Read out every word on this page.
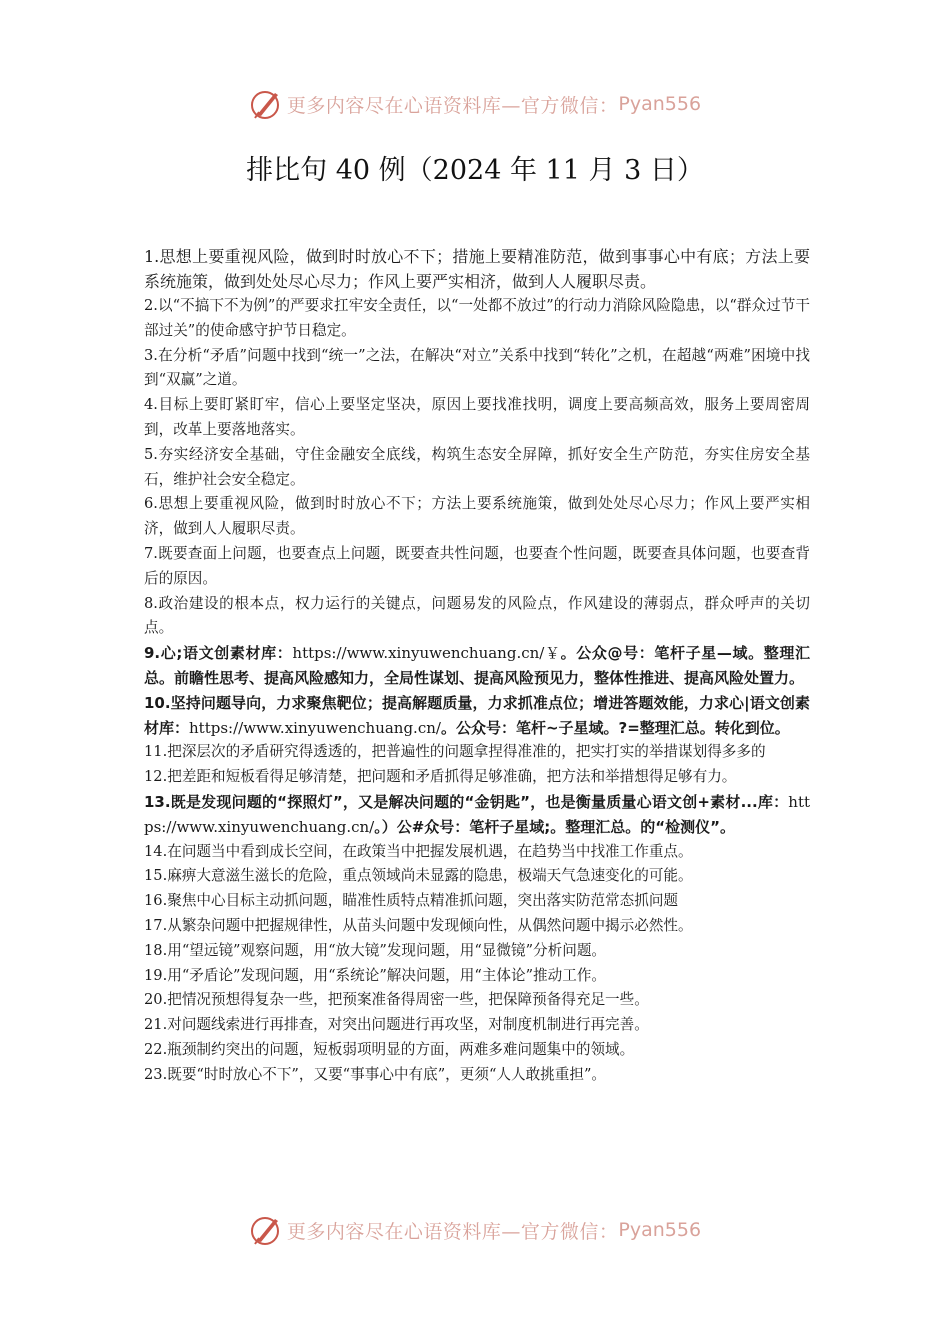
更多内容尽在心语资料库—官方微信： Pyan556
排比句 40 例（2024 年 11 月 3 日）

1.思想上要重视风险，做到时时放心不下；措施上要精准防范，做到事事心中有底；方法上要系统施策，做到处处尽心尽力；作风上要严实相济，做到人人履职尽责。

2.以“不搞下不为例”的严要求扛牢安全责任，以“一处都不放过”的行动力消除风险隐患，以“群众过节干部过关”的使命感守护节日稳定。

3.在分析“矛盾”问题中找到“统一”之法，在解决“对立”关系中找到“转化”之机，在超越“两难”困境中找到“双赢”之道。

4.目标上要盯紧盯牢，信心上要坚定坚决，原因上要找准找明，调度上要高频高效，服务上要周密周到，改革上要落地落实。

5.夯实经济安全基础，守住金融安全底线，构筑生态安全屏障，抓好安全生产防范，夯实住房安全基石，维护社会安全稳定。

6.思想上要重视风险，做到时时放心不下；方法上要系统施策，做到处处尽心尽力；作风上要严实相济，做到人人履职尽责。

7.既要查面上问题，也要查点上问题，既要查共性问题，也要查个性问题，既要查具体问题，也要查背后的原因。

8.政治建设的根本点，权力运行的关键点，问题易发的风险点，作风建设的薄弱点，群众呼声的关切点。

9.心;语文创素材库：https://www.xinyuwenchuang.cn/￥。公众@号：笔杆子星—域。整理汇总。前瞻性思考、提高风险感知力，全局性谋划、提高风险预见力，整体性推进、提高风险处置力。

10.坚持问题导向，力求聚焦靶位；提高解题质量，力求抓准点位；增进答题效能，力求心|语文创素材库：https://www.xinyuwenchuang.cn/。公众号：笔杆~子星域。?=整理汇总。转化到位。

11.把深层次的矛盾研究得透透的，把普遍性的问题拿捏得准准的，把实打实的举措谋划得多多的

12.把差距和短板看得足够清楚，把问题和矛盾抓得足够准确，把方法和举措想得足够有力。

13.既是发现问题的“探照灯”，又是解决问题的“金钥匙”，也是衡量质量心语文创+素材...库：https://www.xinyuwenchuang.cn/。）公#众号：笔杆子星域;。整理汇总。的“检测仪”。

14.在问题当中看到成长空间，在政策当中把握发展机遇，在趋势当中找准工作重点。

15.麻痹大意滋生滋长的危险，重点领域尚未显露的隐患，极端天气急速变化的可能。

16.聚焦中心目标主动抓问题，瞄准性质特点精准抓问题，突出落实防范常态抓问题

17.从繁杂问题中把握规律性，从苗头问题中发现倾向性，从偶然问题中揭示必然性。

18.用“望远镜”观察问题，用“放大镜”发现问题，用“显微镜”分析问题。

19.用“矛盾论”发现问题，用“系统论”解决问题，用“主体论”推动工作。

20.把情况预想得复杂一些，把预案准备得周密一些，把保障预备得充足一些。

21.对问题线索进行再排查，对突出问题进行再攻坚，对制度机制进行再完善。

22.瓶颈制约突出的问题，短板弱项明显的方面，两难多难问题集中的领域。

23.既要“时时放心不下”，又要“事事心中有底”，更须“人人敢挑重担”。

更多内容尽在心语资料库—官方微信： Pyan556
